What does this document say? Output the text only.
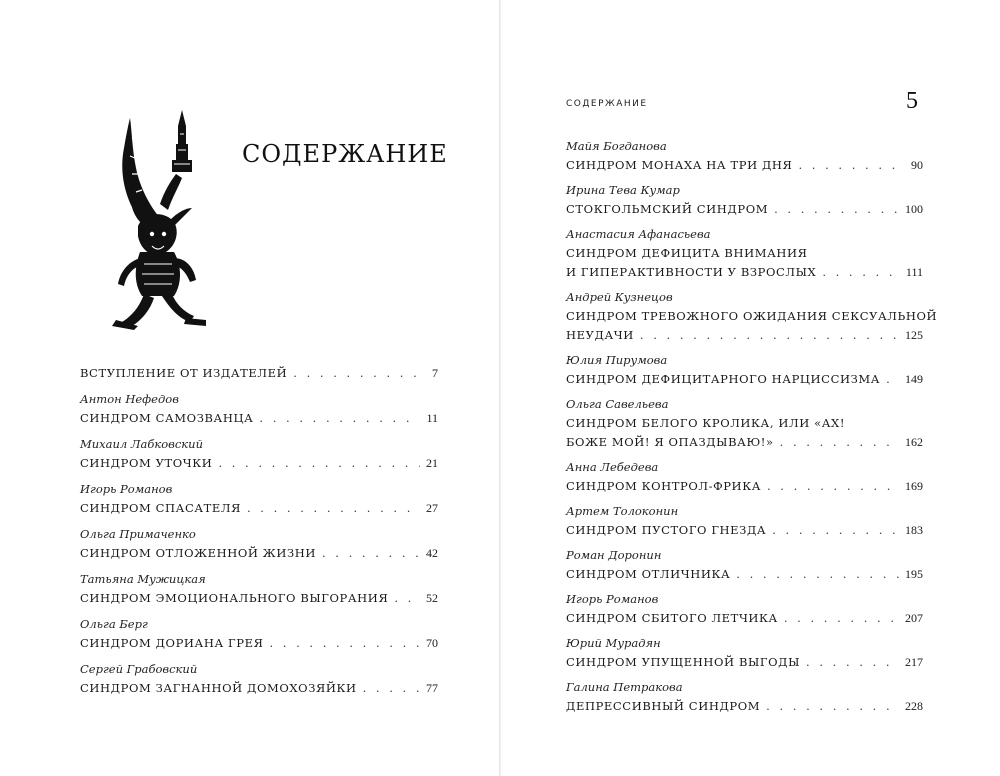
СОДЕРЖАНИЕ
ВСТУПЛЕНИЕ ОТ ИЗДАТЕЛЕЙ . . .	7
Антон Нефедов
СИНДРОМ САМОЗВАНЦА . . .	11
Михаил Лабковский
СИНДРОМ УТОЧКИ . . .	21
Игорь Романов
СИНДРОМ СПАСАТЕЛЯ . . .	27
Ольга Примаченко
СИНДРОМ ОТЛОЖЕННОЙ ЖИЗНИ . . .	42
Татьяна Мужицкая
СИНДРОМ ЭМОЦИОНАЛЬНОГО ВЫГОРАНИЯ . . .	52
Ольга Берг
СИНДРОМ ДОРИАНА ГРЕЯ . . .	70
Сергей Грабовский
СИНДРОМ ЗАГНАННОЙ ДОМОХОЗЯЙКИ . . .	77
СОДЕРЖАНИЕ	5
Майя Богданова
СИНДРОМ МОНАХА НА ТРИ ДНЯ . . .	90
Ирина Тева Кумар
СТОКГОЛЬМСКИЙ СИНДРОМ . . .	100
Анастасия Афанасьева
СИНДРОМ ДЕФИЦИТА ВНИМАНИЯ
И ГИПЕРАКТИВНОСТИ У ВЗРОСЛЫХ . . .	111
Андрей Кузнецов
СИНДРОМ ТРЕВОЖНОГО ОЖИДАНИЯ СЕКСУАЛЬНОЙ
НЕУДАЧИ . . .	125
Юлия Пирумова
СИНДРОМ ДЕФИЦИТАРНОГО НАРЦИССИЗМА . . . 149
Ольга Савельева
СИНДРОМ БЕЛОГО КРОЛИКА, ИЛИ «АХ!
БОЖЕ МОЙ! Я ОПАЗДЫВАЮ!» . . .	162
Анна Лебедева
СИНДРОМ КОНТРОЛ-ФРИКА . . .	169
Артем Толоконин
СИНДРОМ ПУСТОГО ГНЕЗДА . . .	183
Роман Доронин
СИНДРОМ ОТЛИЧНИКА . . .	195
Игорь Романов
СИНДРОМ СБИТОГО ЛЕТЧИКА . . .	207
Юрий Мурадян
СИНДРОМ УПУЩЕННОЙ ВЫГОДЫ . . .	217
Галина Петракова
ДЕПРЕССИВНЫЙ СИНДРОМ . . .	228
